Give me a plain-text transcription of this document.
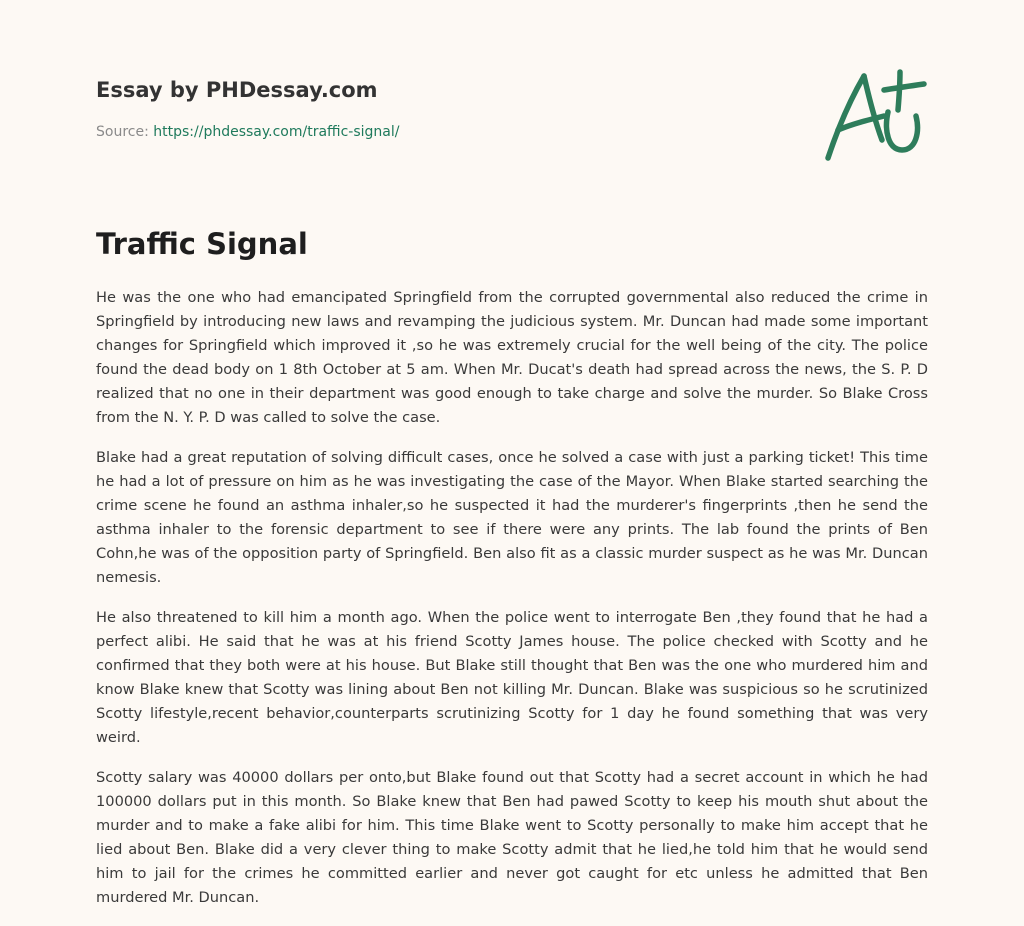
Essay by PHDessay.com

Source: https://phdessay.com/traffic-signal/

Traffic Signal

He was the one who had emancipated Springfield from the corrupted governmental also reduced the crime in Springfield by introducing new laws and revamping the judicious system. Mr. Duncan had made some important changes for Springfield which improved it ,so he was extremely crucial for the well being of the city. The police found the dead body on 1 8th October at 5 am. When Mr. Ducat's death had spread across the news, the S. P. D realized that no one in their department was good enough to take charge and solve the murder. So Blake Cross from the N. Y. P. D was called to solve the case.

Blake had a great reputation of solving difficult cases, once he solved a case with just a parking ticket! This time he had a lot of pressure on him as he was investigating the case of the Mayor. When Blake started searching the crime scene he found an asthma inhaler,so he suspected it had the murderer's fingerprints ,then he send the asthma inhaler to the forensic department to see if there were any prints. The lab found the prints of Ben Cohn,he was of the opposition party of Springfield. Ben also fit as a classic murder suspect as he was Mr. Duncan nemesis.

He also threatened to kill him a month ago. When the police went to interrogate Ben ,they found that he had a perfect alibi. He said that he was at his friend Scotty James house. The police checked with Scotty and he confirmed that they both were at his house. But Blake still thought that Ben was the one who murdered him and know Blake knew that Scotty was lining about Ben not killing Mr. Duncan. Blake was suspicious so he scrutinized Scotty lifestyle,recent behavior,counterparts scrutinizing Scotty for 1 day he found something that was very weird.

Scotty salary was 40000 dollars per onto,but Blake found out that Scotty had a secret account in which he had 100000 dollars put in this month. So Blake knew that Ben had pawed Scotty to keep his mouth shut about the murder and to make a fake alibi for him. This time Blake went to Scotty personally to make him accept that he lied about Ben. Blake did a very clever thing to make Scotty admit that he lied,he told him that he would send him to jail for the crimes he committed earlier and never got caught for etc unless he admitted that Ben murdered Mr. Duncan.
